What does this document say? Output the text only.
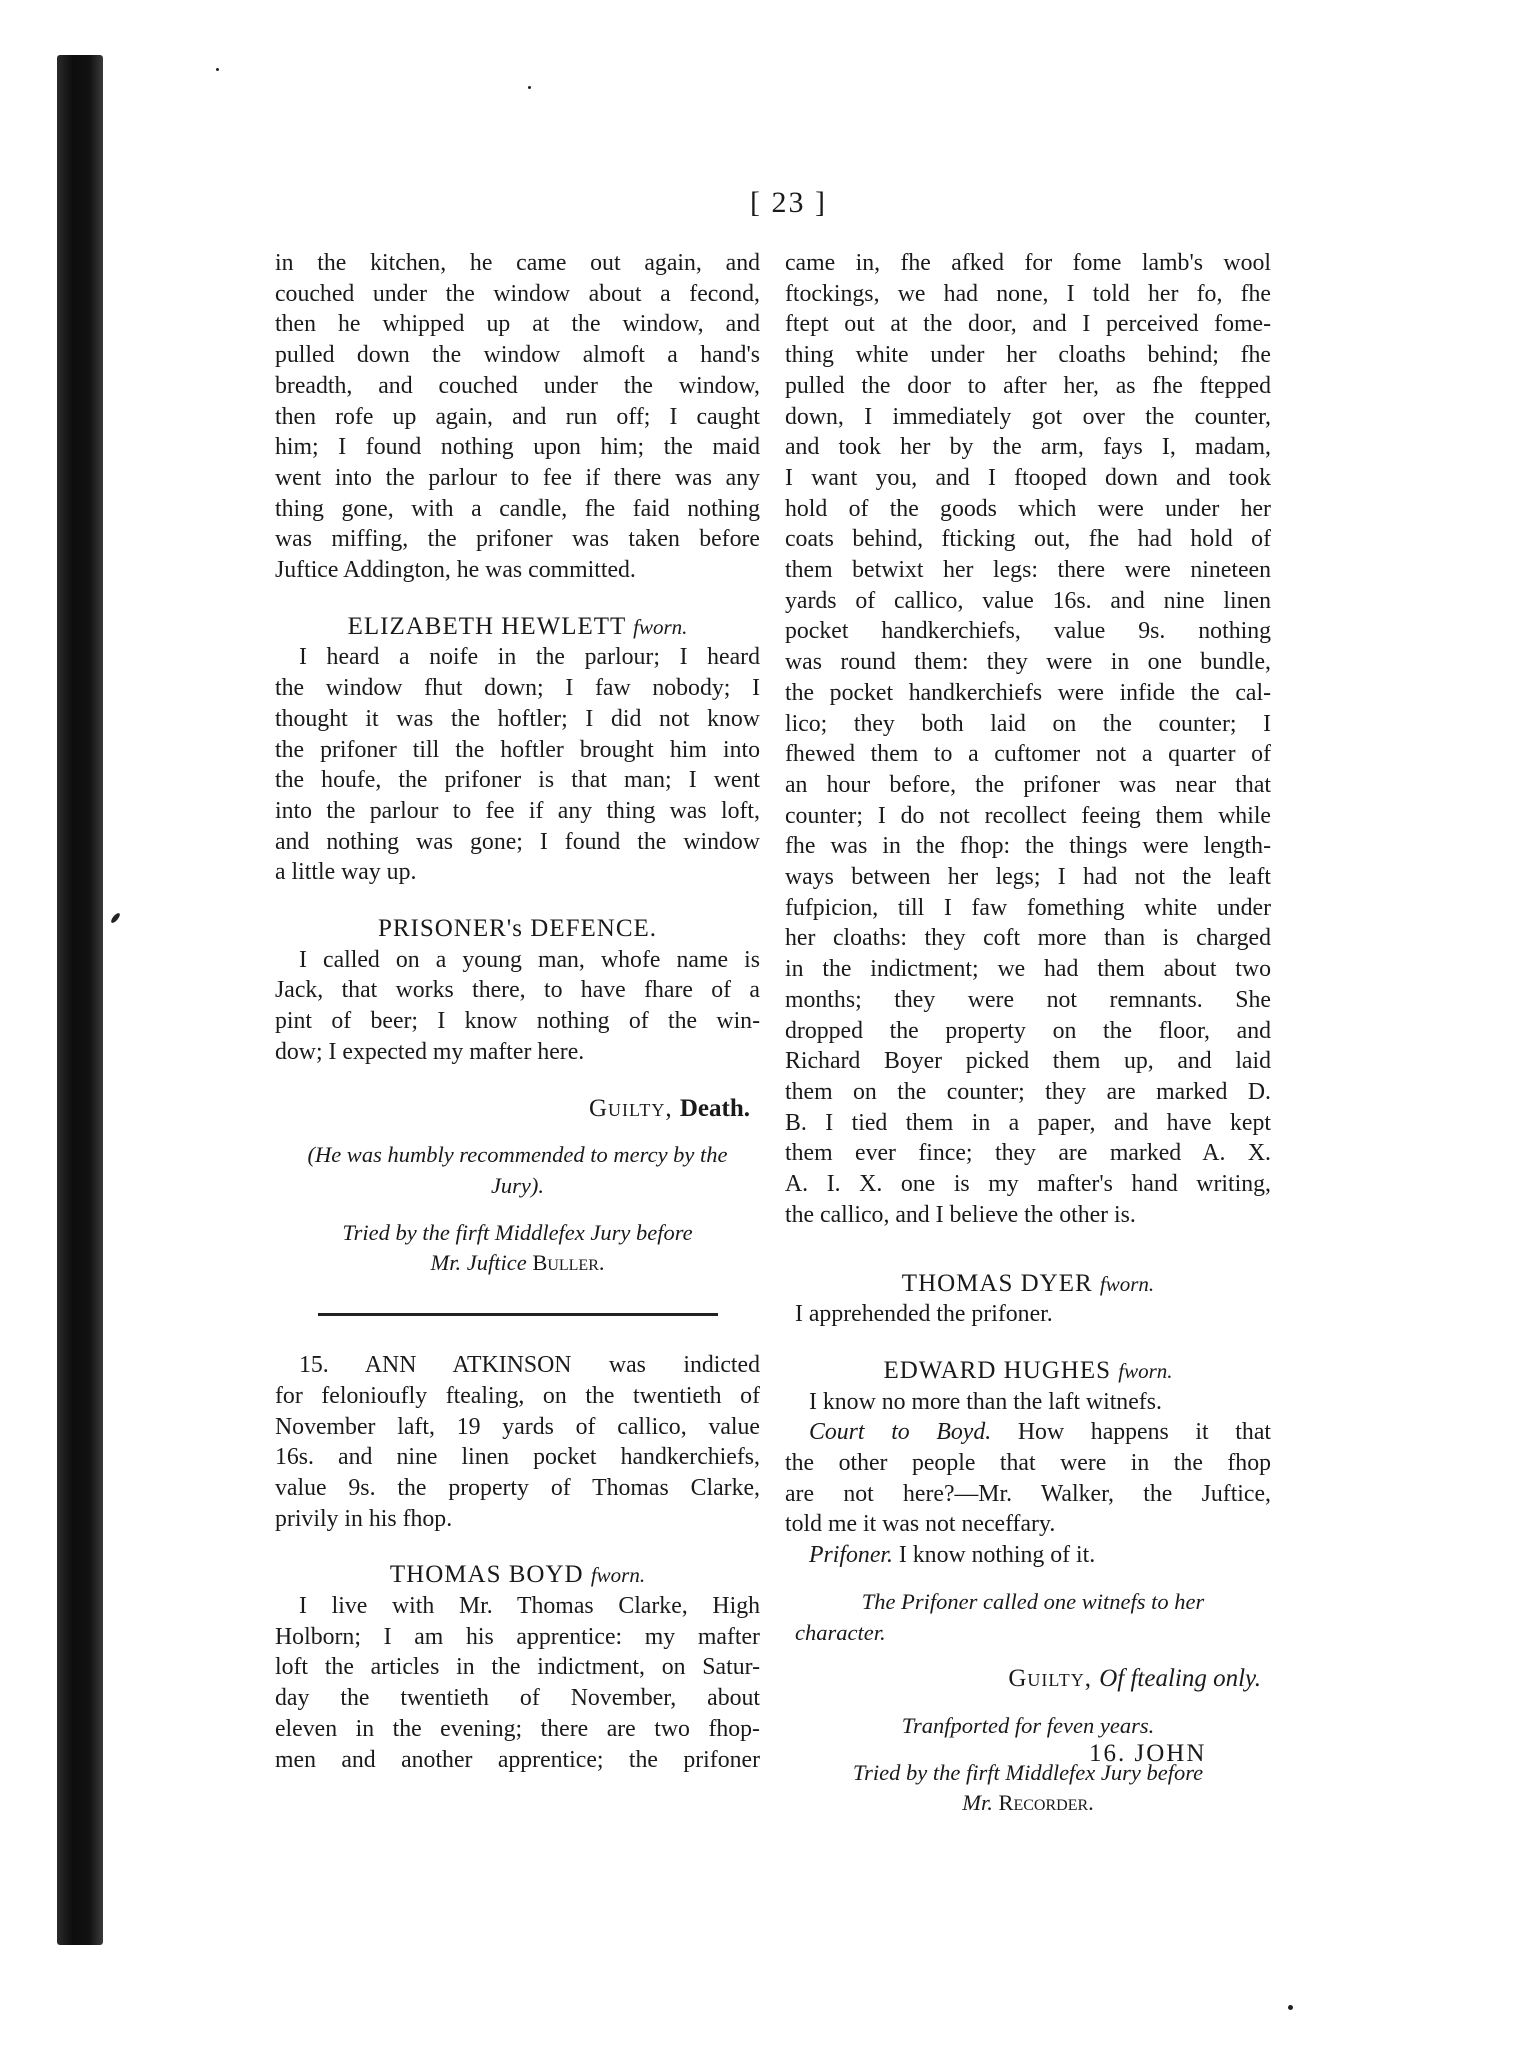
[ 23 ]

in the kitchen, he came out again, and
couched under the window about a fecond,
then he whipped up at the window, and
pulled down the window almoft a hand's
breadth, and couched under the window,
then rofe up again, and run off; I caught
him; I found nothing upon him; the maid
went into the parlour to fee if there was any
thing gone, with a candle, fhe faid nothing
was miffing, the prifoner was taken before
Juftice Addington, he was committed.

ELIZABETH HEWLETT fworn.

I heard a noife in the parlour; I heard
the window fhut down; I faw nobody; I
thought it was the hoftler; I did not know
the prifoner till the hoftler brought him into
the houfe, the prifoner is that man; I went
into the parlour to fee if any thing was loft,
and nothing was gone; I found the window
a little way up.

PRISONER's DEFENCE.

I called on a young man, whofe name is
Jack, that works there, to have fhare of a
pint of beer; I know nothing of the win-
dow; I expected my mafter here.

Guilty, Death.
(He was humbly recommended to mercy by the
Jury).
Tried by the firft Middlefex Jury before
Mr. Juftice Buller.

15. ANN ATKINSON was indicted
for felonioufly ftealing, on the twentieth of
November laft, 19 yards of callico, value
16s. and nine linen pocket handkerchiefs,
value 9s. the property of Thomas Clarke,
privily in his fhop.

THOMAS BOYD fworn.

I live with Mr. Thomas Clarke, High
Holborn; I am his apprentice: my mafter
loft the articles in the indictment, on Satur-
day the twentieth of November, about
eleven in the evening; there are two fhop-
men and another apprentice; the prifoner

came in, fhe afked for fome lamb's wool
ftockings, we had none, I told her fo, fhe
ftept out at the door, and I perceived fome-
thing white under her cloaths behind; fhe
pulled the door to after her, as fhe ftepped
down, I immediately got over the counter,
and took her by the arm, fays I, madam,
I want you, and I ftooped down and took
hold of the goods which were under her
coats behind, fticking out, fhe had hold of
them betwixt her legs: there were nineteen
yards of callico, value 16s. and nine linen
pocket handkerchiefs, value 9s. nothing
was round them: they were in one bundle,
the pocket handkerchiefs were infide the cal-
lico; they both laid on the counter; I
fhewed them to a cuftomer not a quarter of
an hour before, the prifoner was near that
counter; I do not recollect feeing them while
fhe was in the fhop: the things were length-
ways between her legs; I had not the leaft
fufpicion, till I faw fomething white under
her cloaths: they coft more than is charged
in the indictment; we had them about two
months; they were not remnants. She
dropped the property on the floor, and
Richard Boyer picked them up, and laid
them on the counter; they are marked D.
B. I tied them in a paper, and have kept
them ever fince; they are marked A. X.
A. I. X. one is my mafter's hand writing,
the callico, and I believe the other is.

THOMAS DYER fworn.

I apprehended the prifoner.

EDWARD HUGHES fworn.

I know no more than the laft witnefs.
Court to Boyd. How happens it that
the other people that were in the fhop
are not here?—Mr. Walker, the Juftice,
told me it was not neceffary.
Prifoner. I know nothing of it.

The Prifoner called one witnefs to her
character.
Guilty, Of ftealing only.
Tranfported for feven years.
Tried by the firft Middlefex Jury before
Mr. Recorder.
16. JOHN
